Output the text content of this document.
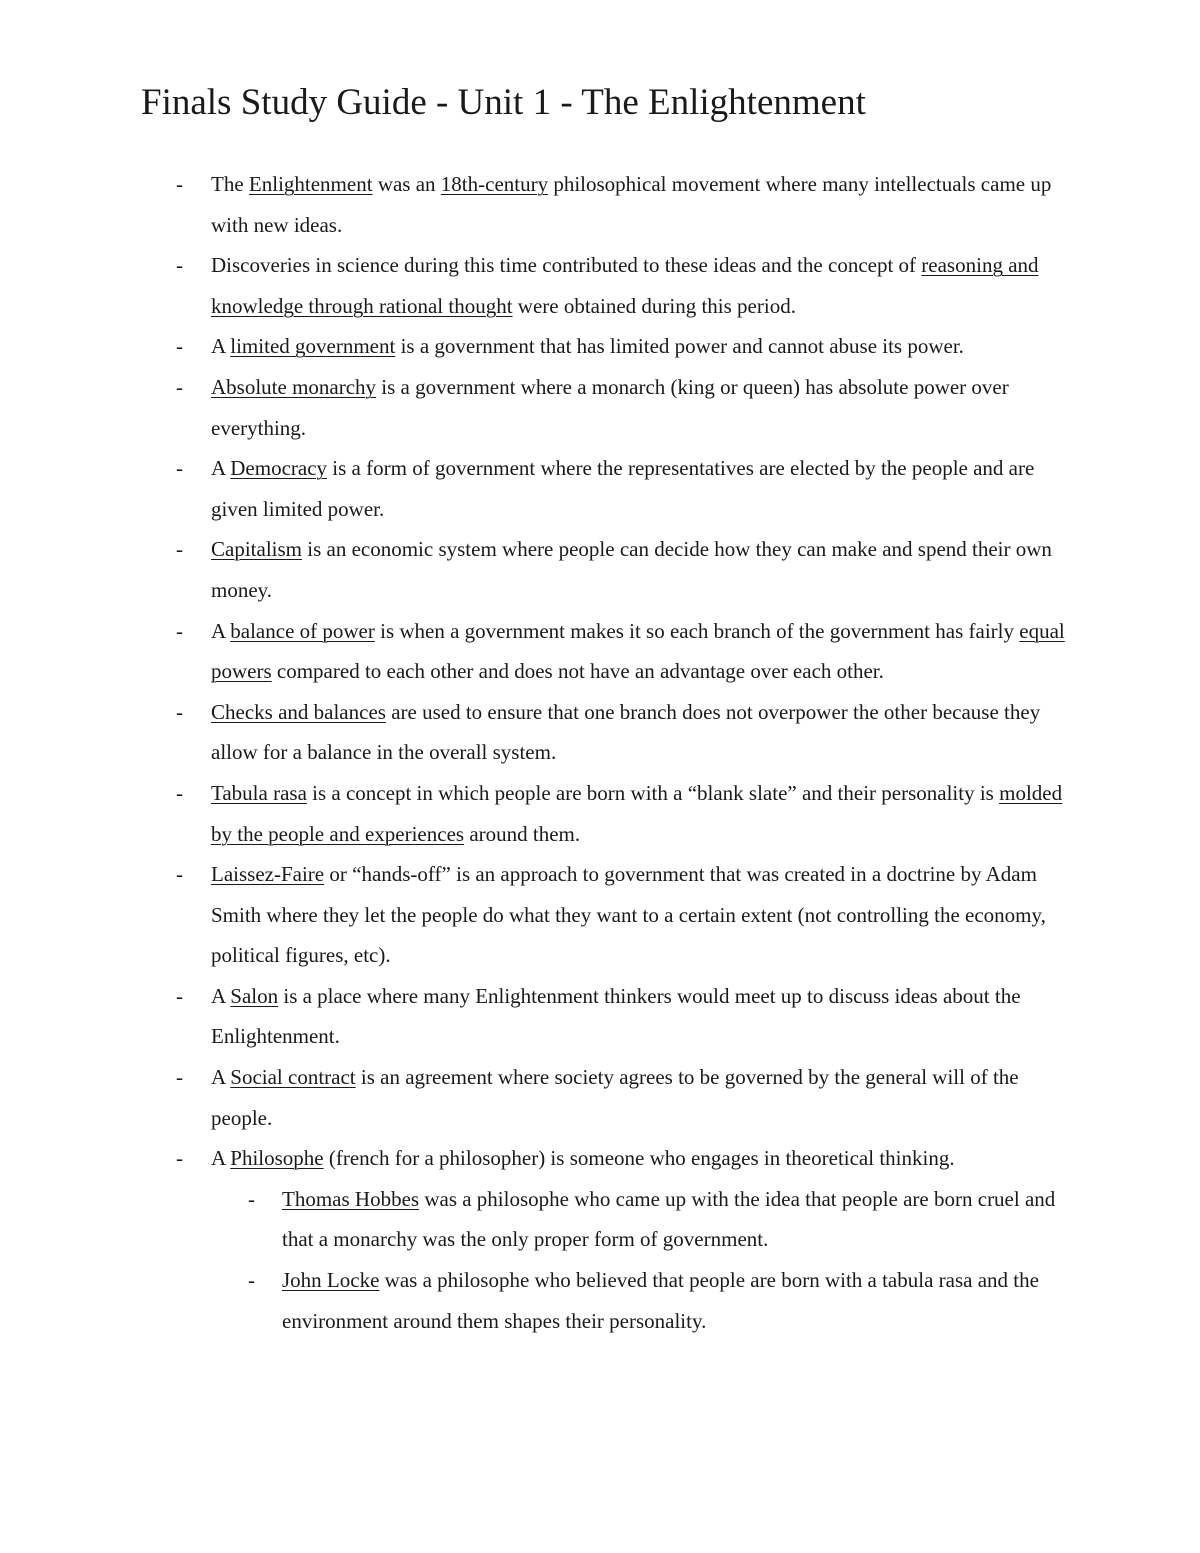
Finals Study Guide - Unit 1 - The Enlightenment
- The Enlightenment was an 18th-century philosophical movement where many intellectuals came up with new ideas.
- Discoveries in science during this time contributed to these ideas and the concept of reasoning and knowledge through rational thought were obtained during this period.
- A limited government is a government that has limited power and cannot abuse its power.
- Absolute monarchy is a government where a monarch (king or queen) has absolute power over everything.
- A Democracy is a form of government where the representatives are elected by the people and are given limited power.
- Capitalism is an economic system where people can decide how they can make and spend their own money.
- A balance of power is when a government makes it so each branch of the government has fairly equal powers compared to each other and does not have an advantage over each other.
- Checks and balances are used to ensure that one branch does not overpower the other because they allow for a balance in the overall system.
- Tabula rasa is a concept in which people are born with a “blank slate” and their personality is molded by the people and experiences around them.
- Laissez-Faire or “hands-off” is an approach to government that was created in a doctrine by Adam Smith where they let the people do what they want to a certain extent (not controlling the economy, political figures, etc).
- A Salon is a place where many Enlightenment thinkers would meet up to discuss ideas about the Enlightenment.
- A Social contract is an agreement where society agrees to be governed by the general will of the people.
- A Philosophe (french for a philosopher) is someone who engages in theoretical thinking.
- Thomas Hobbes was a philosophe who came up with the idea that people are born cruel and that a monarchy was the only proper form of government.
- John Locke was a philosophe who believed that people are born with a tabula rasa and the environment around them shapes their personality.
